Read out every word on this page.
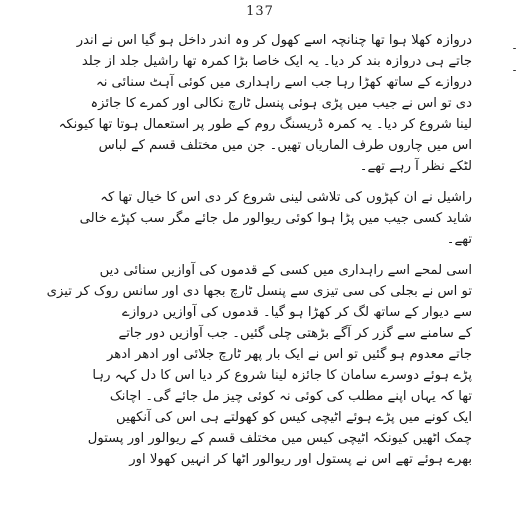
137
دروازہ کھلا ہوا تھا چنانچہ اسے کھول کر وہ اندر داخل ہو گیا اس نے اندر
جاتے ہی دروازہ بند کر دیا۔ یہ ایک خاصا بڑا کمرہ تھا راشیل جلد از جلد
دروازے کے ساتھ کھڑا رہا جب اسے راہداری میں کوئی آہٹ سنائی نہ
دی تو اس نے جیب میں پڑی ہوئی پنسل ٹارچ نکالی اور کمرے کا جائزہ
لینا شروع کر دیا۔ یہ کمرہ ڈریسنگ روم کے طور پر استعمال ہوتا تھا کیونکہ
اس میں چاروں طرف الماریاں تھیں۔ جن میں مختلف قسم کے لباس
لٹکے نظر آ رہے تھے۔
راشیل نے ان کپڑوں کی تلاشی لینی شروع کر دی اس کا خیال تھا کہ
شاید کسی جیب میں پڑا ہوا کوئی ریوالور مل جائے مگر سب کپڑے خالی
تھے۔
اسی لمحے اسے راہداری میں کسی کے قدموں کی آوازیں سنائی دیں
تو اس نے بجلی کی سی تیزی سے پنسل ٹارچ بجھا دی اور سانس روک کر تیزی
سے دیوار کے ساتھ لگ کر کھڑا ہو گیا۔ قدموں کی آوازیں دروازے
کے سامنے سے گزر کر آگے بڑھتی چلی گئیں۔ جب آوازیں دور جاتے
جاتے معدوم ہو گئیں تو اس نے ایک بار پھر ٹارچ جلائی اور ادھر ادھر
پڑے ہوئے دوسرے سامان کا جائزہ لینا شروع کر دیا اس کا دل کہہ رہا
تھا کہ یہاں اپنے مطلب کی کوئی نہ کوئی چیز مل جائے گی۔ اچانک
ایک کونے میں پڑے ہوئے اٹیچی کیس کو کھولتے ہی اس کی آنکھیں
چمک اٹھیں کیونکہ اٹیچی کیس میں مختلف قسم کے ریوالور اور پستول
بھرے ہوئے تھے اس نے پستول اور ریوالور اٹھا کر انہیں کھولا اور
۔
۔
